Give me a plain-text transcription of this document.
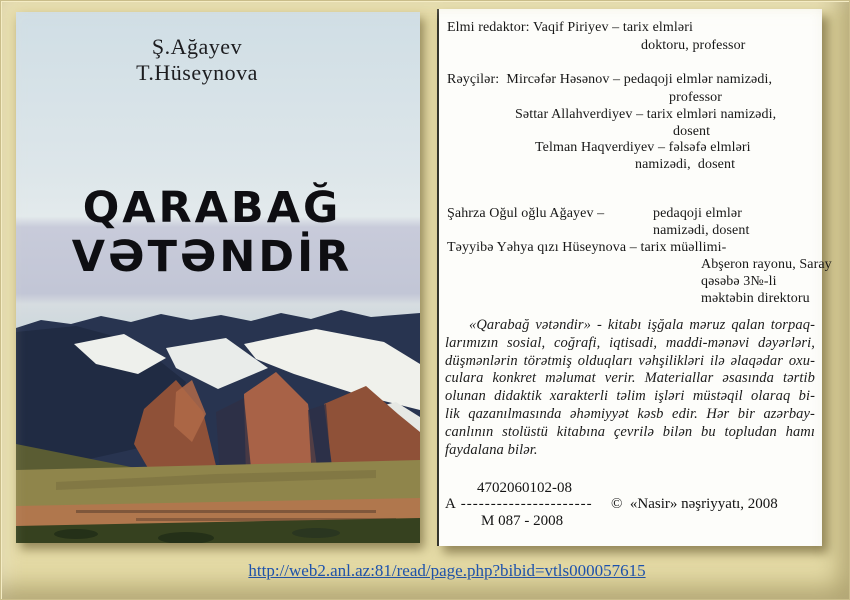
Ş.Ağayev
T.Hüseynova
QARABAĞ
VƏTƏNDİR
Elmi redaktor: Vaqif Piriyev – tarix elmləri
doktoru, professor
Rəyçilər:  Mircəfər Həsənov – pedaqoji elmlər namizədi,
professor
Səttar Allahverdiyev – tarix elmləri namizədi,
dosent
Telman Haqverdiyev – fəlsəfə elmləri
namizədi,  dosent
Şahrza Oğul oğlu Ağayev –	pedaqoji elmlər
namizədi, dosent
Təyyibə Yəhya qızı Hüseynova – tarix müəllimi-
Abşeron rayonu, Saray
qəsəbə 3№-li
məktəbin direktoru
«Qarabağ vətəndir» - kitabı işğala məruz qalan torpaq-
larımızın sosial, coğrafi, iqtisadi, maddi-mənəvi dəyərləri,
düşmənlərin törətmiş olduqları vəhşilikləri ilə əlaqədar oxu-
culara konkret məlumat verir. Materiallar əsasında tərtib
olunan didaktik xarakterli təlim işləri müstəqil olaraq bi-
lik qazanılmasında əhəmiyyət kəsb edir. Hər bir azərbay-
canlının stolüstü kitabına çevrilə bilən bu topludan hamı
faydalana bilər.
4702060102-08
A ----------------------
M 087 - 2008
©  «Nasir» nəşriyyatı, 2008
http://web2.anl.az:81/read/page.php?bibid=vtls000057615
